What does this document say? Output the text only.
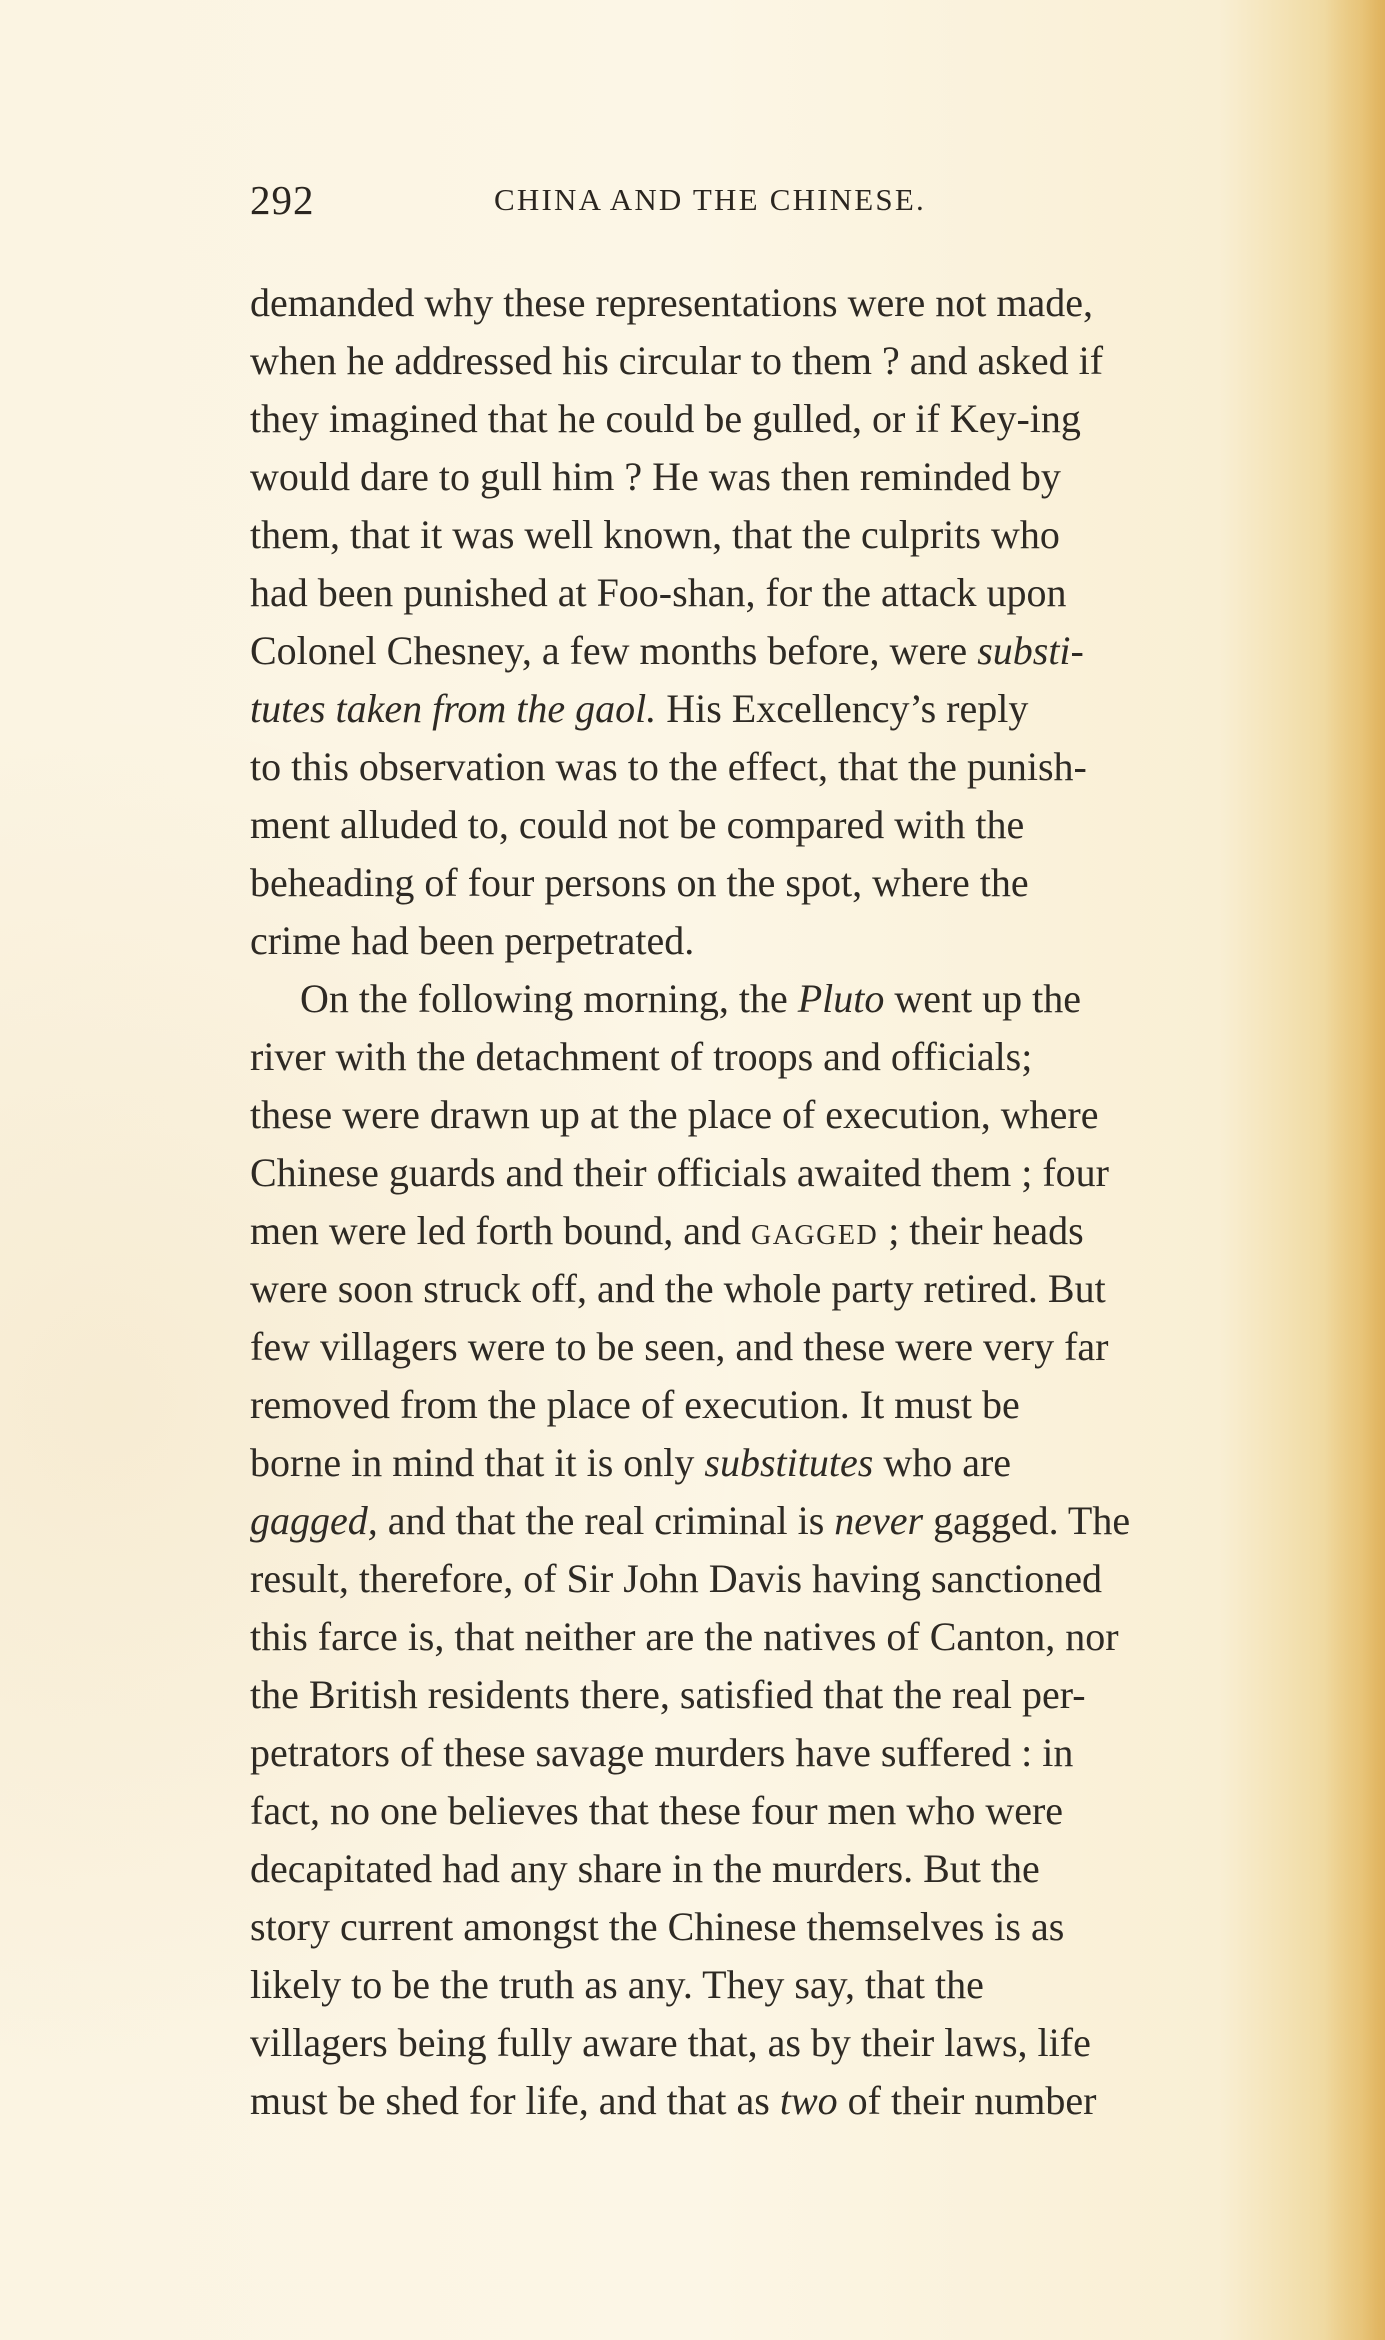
292	CHINA AND THE CHINESE.
demanded why these representations were not made,
when he addressed his circular to them ? and asked if
they imagined that he could be gulled, or if Key-ing
would dare to gull him ? He was then reminded by
them, that it was well known, that the culprits who
had been punished at Foo-shan, for the attack upon
Colonel Chesney, a few months before, were substi-
tutes taken from the gaol. His Excellency’s reply
to this observation was to the effect, that the punish-
ment alluded to, could not be compared with the
beheading of four persons on the spot, where the
crime had been perpetrated.
On the following morning, the Pluto went up the
river with the detachment of troops and officials;
these were drawn up at the place of execution, where
Chinese guards and their officials awaited them ; four
men were led forth bound, and GAGGED ; their heads
were soon struck off, and the whole party retired. But
few villagers were to be seen, and these were very far
removed from the place of execution. It must be
borne in mind that it is only substitutes who are
gagged, and that the real criminal is never gagged. The
result, therefore, of Sir John Davis having sanctioned
this farce is, that neither are the natives of Canton, nor
the British residents there, satisfied that the real per-
petrators of these savage murders have suffered : in
fact, no one believes that these four men who were
decapitated had any share in the murders. But the
story current amongst the Chinese themselves is as
likely to be the truth as any. They say, that the
villagers being fully aware that, as by their laws, life
must be shed for life, and that as two of their number
